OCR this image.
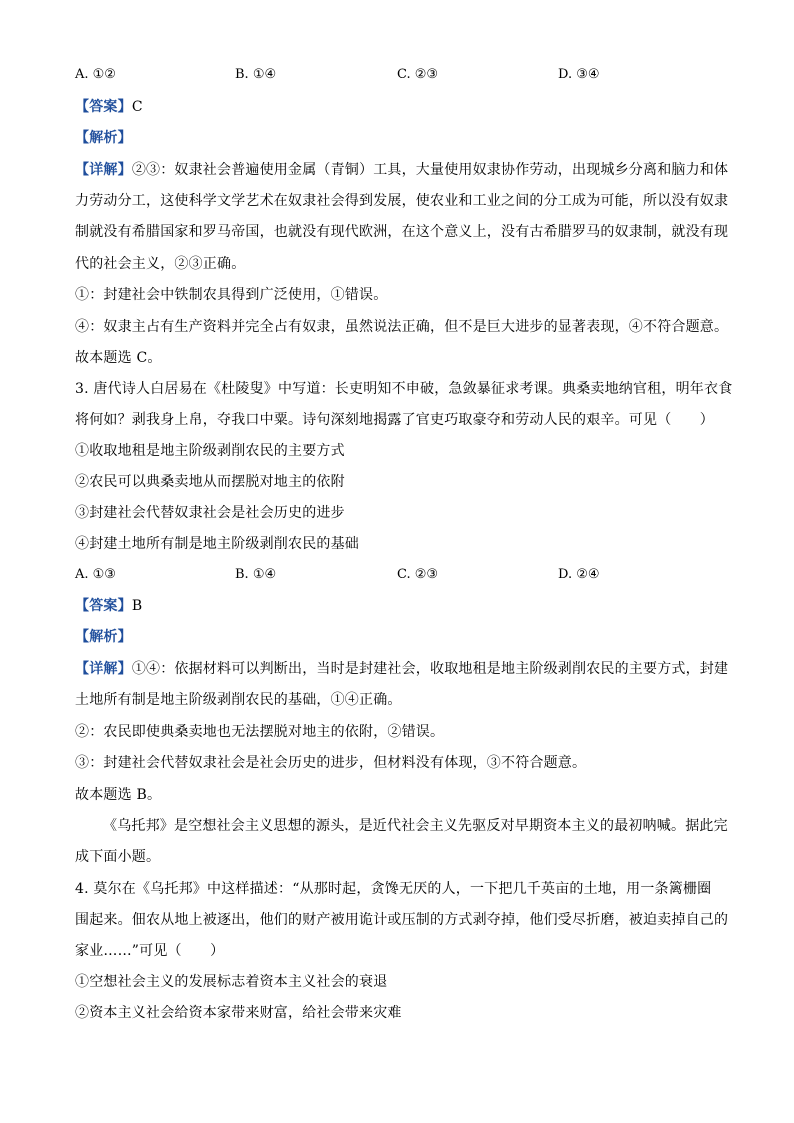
A. ①②	B. ①④	C. ②③	D. ③④
【答案】C
【解析】
【详解】②③：奴隶社会普遍使用金属（青铜）工具，大量使用奴隶协作劳动，出现城乡分离和脑力和体
力劳动分工，这使科学文学艺术在奴隶社会得到发展，使农业和工业之间的分工成为可能，所以没有奴隶
制就没有希腊国家和罗马帝国，也就没有现代欧洲，在这个意义上，没有古希腊罗马的奴隶制，就没有现
代的社会主义，②③正确。
①：封建社会中铁制农具得到广泛使用，①错误。
④：奴隶主占有生产资料并完全占有奴隶，虽然说法正确，但不是巨大进步的显著表现，④不符合题意。
故本题选 C。
3. 唐代诗人白居易在《杜陵叟》中写道：长吏明知不申破，急敛暴征求考课。典桑卖地纳官租，明年衣食
将何如？剥我身上帛，夺我口中粟。诗句深刻地揭露了官吏巧取豪夺和劳动人民的艰辛。可见（　　）
①收取地租是地主阶级剥削农民的主要方式
②农民可以典桑卖地从而摆脱对地主的依附
③封建社会代替奴隶社会是社会历史的进步
④封建土地所有制是地主阶级剥削农民的基础
A. ①③	B. ①④	C. ②③	D. ②④
【答案】B
【解析】
【详解】①④：依据材料可以判断出，当时是封建社会，收取地租是地主阶级剥削农民的主要方式，封建
土地所有制是地主阶级剥削农民的基础，①④正确。
②：农民即使典桑卖地也无法摆脱对地主的依附，②错误。
③：封建社会代替奴隶社会是社会历史的进步，但材料没有体现，③不符合题意。
故本题选 B。
《乌托邦》是空想社会主义思想的源头，是近代社会主义先驱反对早期资本主义的最初呐喊。据此完
成下面小题。
4. 莫尔在《乌托邦》中这样描述：“从那时起，贪馋无厌的人，一下把几千英亩的土地，用一条篱栅圈
围起来。佃农从地上被逐出，他们的财产被用诡计或压制的方式剥夺掉，他们受尽折磨，被迫卖掉自己的
家业……”可见（　　）
①空想社会主义的发展标志着资本主义社会的衰退
②资本主义社会给资本家带来财富，给社会带来灾难
